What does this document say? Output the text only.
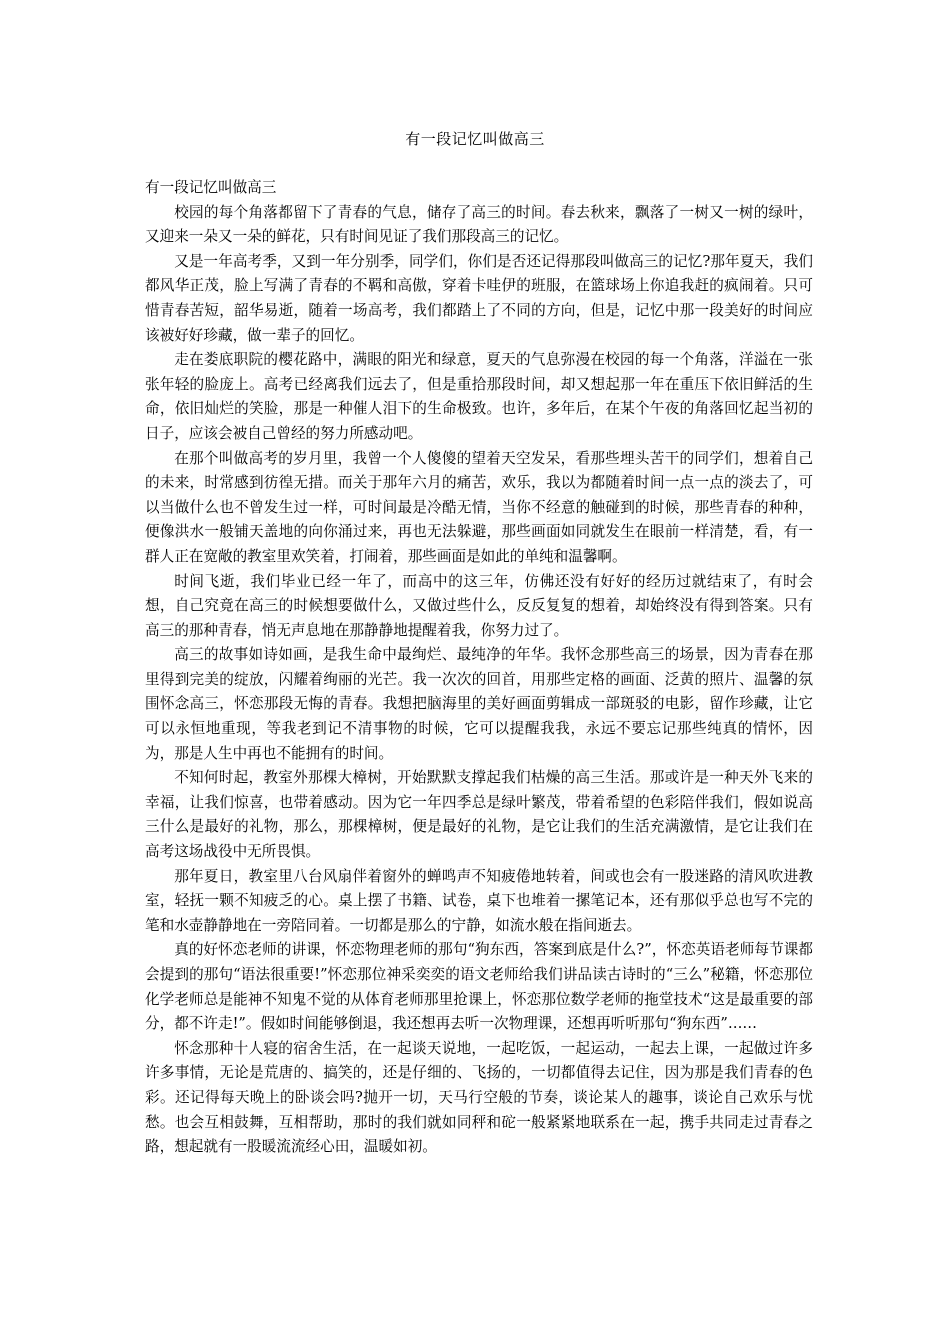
有一段记忆叫做高三

有一段记忆叫做高三

校园的每个角落都留下了青春的气息，储存了高三的时间。春去秋来，飘落了一树又一树的绿叶，又迎来一朵又一朵的鲜花，只有时间见证了我们那段高三的记忆。

又是一年高考季，又到一年分别季，同学们，你们是否还记得那段叫做高三的记忆?那年夏天，我们都风华正茂，脸上写满了青春的不羁和高傲，穿着卡哇伊的班服，在篮球场上你追我赶的疯闹着。只可惜青春苦短，韶华易逝，随着一场高考，我们都踏上了不同的方向，但是，记忆中那一段美好的时间应该被好好珍藏，做一辈子的回忆。

走在娄底职院的樱花路中，满眼的阳光和绿意，夏天的气息弥漫在校园的每一个角落，洋溢在一张张年轻的脸庞上。高考已经离我们远去了，但是重拾那段时间，却又想起那一年在重压下依旧鲜活的生命，依旧灿烂的笑脸，那是一种催人泪下的生命极致。也许，多年后，在某个午夜的角落回忆起当初的日子，应该会被自己曾经的努力所感动吧。

在那个叫做高考的岁月里，我曾一个人傻傻的望着天空发呆，看那些埋头苦干的同学们，想着自己的未来，时常感到彷徨无措。而关于那年六月的痛苦，欢乐，我以为都随着时间一点一点的淡去了，可以当做什么也不曾发生过一样，可时间最是冷酷无情，当你不经意的触碰到的时候，那些青春的种种，便像洪水一般铺天盖地的向你涌过来，再也无法躲避，那些画面如同就发生在眼前一样清楚，看，有一群人正在宽敞的教室里欢笑着，打闹着，那些画面是如此的单纯和温馨啊。

时间飞逝，我们毕业已经一年了，而高中的这三年，仿佛还没有好好的经历过就结束了，有时会想，自己究竟在高三的时候想要做什么，又做过些什么，反反复复的想着，却始终没有得到答案。只有高三的那种青春，悄无声息地在那静静地提醒着我，你努力过了。

高三的故事如诗如画，是我生命中最绚烂、最纯净的年华。我怀念那些高三的场景，因为青春在那里得到完美的绽放，闪耀着绚丽的光芒。我一次次的回首，用那些定格的画面、泛黄的照片、温馨的氛围怀念高三，怀恋那段无悔的青春。我想把脑海里的美好画面剪辑成一部斑驳的电影，留作珍藏，让它可以永恒地重现，等我老到记不清事物的时候，它可以提醒我我，永远不要忘记那些纯真的情怀，因为，那是人生中再也不能拥有的时间。

不知何时起，教室外那棵大樟树，开始默默支撑起我们枯燥的高三生活。那或许是一种天外飞来的幸福，让我们惊喜，也带着感动。因为它一年四季总是绿叶繁茂，带着希望的色彩陪伴我们，假如说高三什么是最好的礼物，那么，那棵樟树，便是最好的礼物，是它让我们的生活充满激情，是它让我们在高考这场战役中无所畏惧。

那年夏日，教室里八台风扇伴着窗外的蝉鸣声不知疲倦地转着，间或也会有一股迷路的清风吹进教室，轻抚一颗不知疲乏的心。桌上摆了书籍、试卷，桌下也堆着一摞笔记本，还有那似乎总也写不完的笔和水壶静静地在一旁陪同着。一切都是那么的宁静，如流水般在指间逝去。

真的好怀恋老师的讲课，怀恋物理老师的那句“狗东西，答案到底是什么?”，怀恋英语老师每节课都会提到的那句“语法很重要!”怀恋那位神采奕奕的语文老师给我们讲品读古诗时的“三么”秘籍，怀恋那位化学老师总是能神不知鬼不觉的从体育老师那里抢课上，怀恋那位数学老师的拖堂技术“这是最重要的部分，都不许走!”。假如时间能够倒退，我还想再去听一次物理课，还想再听听那句“狗东西”……

怀念那种十人寝的宿舍生活，在一起谈天说地，一起吃饭，一起运动，一起去上课，一起做过许多许多事情，无论是荒唐的、搞笑的，还是仔细的、飞扬的，一切都值得去记住，因为那是我们青春的色彩。还记得每天晚上的卧谈会吗?抛开一切，天马行空般的节奏，谈论某人的趣事，谈论自己欢乐与忧愁。也会互相鼓舞，互相帮助，那时的我们就如同秤和砣一般紧紧地联系在一起，携手共同走过青春之路，想起就有一股暖流流经心田，温暖如初。
